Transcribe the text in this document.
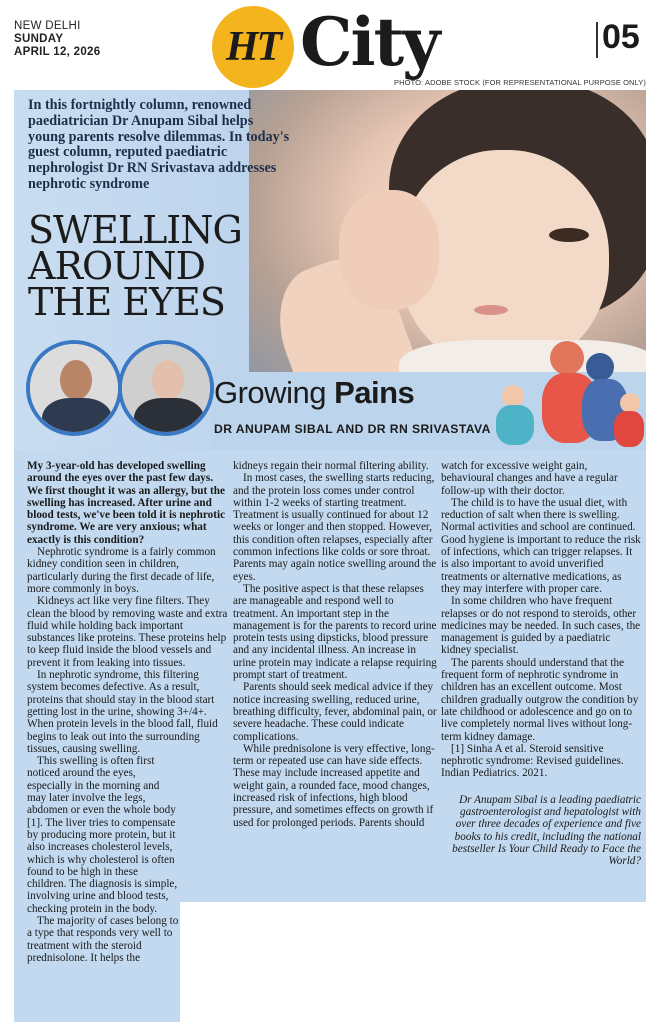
NEW DELHI
SUNDAY
APRIL 12, 2026	HT City	05
PHOTO: ADOBE STOCK (FOR REPRESENTATIONAL PURPOSE ONLY)
In this fortnightly column, renowned paediatrician Dr Anupam Sibal helps young parents resolve dilemmas. In today's guest column, reputed paediatric nephrologist Dr RN Srivastava addresses nephrotic syndrome
SWELLING
AROUND
THE EYES
Growing Pains
DR ANUPAM SIBAL AND DR RN SRIVASTAVA

My 3-year-old has developed swelling around the eyes over the past few days. We first thought it was an allergy, but the swelling has increased. After urine and blood tests, we've been told it is nephrotic syndrome. We are very anxious; what exactly is this condition?

Nephrotic syndrome is a fairly common kidney condition seen in children, particularly during the first decade of life, more commonly in boys.

Kidneys act like very fine filters. They clean the blood by removing waste and extra fluid while holding back important substances like proteins. These proteins help to keep fluid inside the blood vessels and prevent it from leaking into tissues.

In nephrotic syndrome, this filtering system becomes defective. As a result, proteins that should stay in the blood start getting lost in the urine, showing 3+/4+. When protein levels in the blood fall, fluid begins to leak out into the surrounding tissues, causing swelling.

This swelling is often first noticed around the eyes, especially in the morning and may later involve the legs, abdomen or even the whole body [1]. The liver tries to compensate by producing more protein, but it also increases cholesterol levels, which is why cholesterol is often found to be high in these children. The diagnosis is simple, involving urine and blood tests, checking protein in the body.

The majority of cases belong to a type that responds very well to treatment with the steroid prednisolone. It helps the

kidneys regain their normal filtering ability.

In most cases, the swelling starts reducing, and the protein loss comes under control within 1-2 weeks of starting treatment. Treatment is usually continued for about 12 weeks or longer and then stopped. However, this condition often relapses, especially after common infections like colds or sore throat. Parents may again notice swelling around the eyes.

The positive aspect is that these relapses are manageable and respond well to treatment. An important step in the management is for the parents to record urine protein tests using dipsticks, blood pressure and any incidental illness. An increase in urine protein may indicate a relapse requiring prompt start of treatment.

Parents should seek medical advice if they notice increasing swelling, reduced urine, breathing difficulty, fever, abdominal pain, or severe headache. These could indicate complications.

While prednisolone is very effective, long-term or repeated use can have side effects. These may include increased appetite and weight gain, a rounded face, mood changes, increased risk of infections, high blood pressure, and sometimes effects on growth if used for prolonged periods. Parents should

watch for excessive weight gain, behavioural changes and have a regular follow-up with their doctor.

The child is to have the usual diet, with reduction of salt when there is swelling. Normal activities and school are continued. Good hygiene is important to reduce the risk of infections, which can trigger relapses. It is also important to avoid unverified treatments or alternative medications, as they may interfere with proper care.

In some children who have frequent relapses or do not respond to steroids, other medicines may be needed. In such cases, the management is guided by a paediatric kidney specialist.

The parents should understand that the frequent form of nephrotic syndrome in children has an excellent outcome. Most children gradually outgrow the condition by late childhood or adolescence and go on to live completely normal lives without long-term kidney damage.

[1] Sinha A et al. Steroid sensitive nephrotic syndrome: Revised guidelines. Indian Pediatrics. 2021.

Dr Anupam Sibal is a leading paediatric gastroenterologist and hepatologist with over three decades of experience and five books to his credit, including the national bestseller Is Your Child Ready to Face the World?
